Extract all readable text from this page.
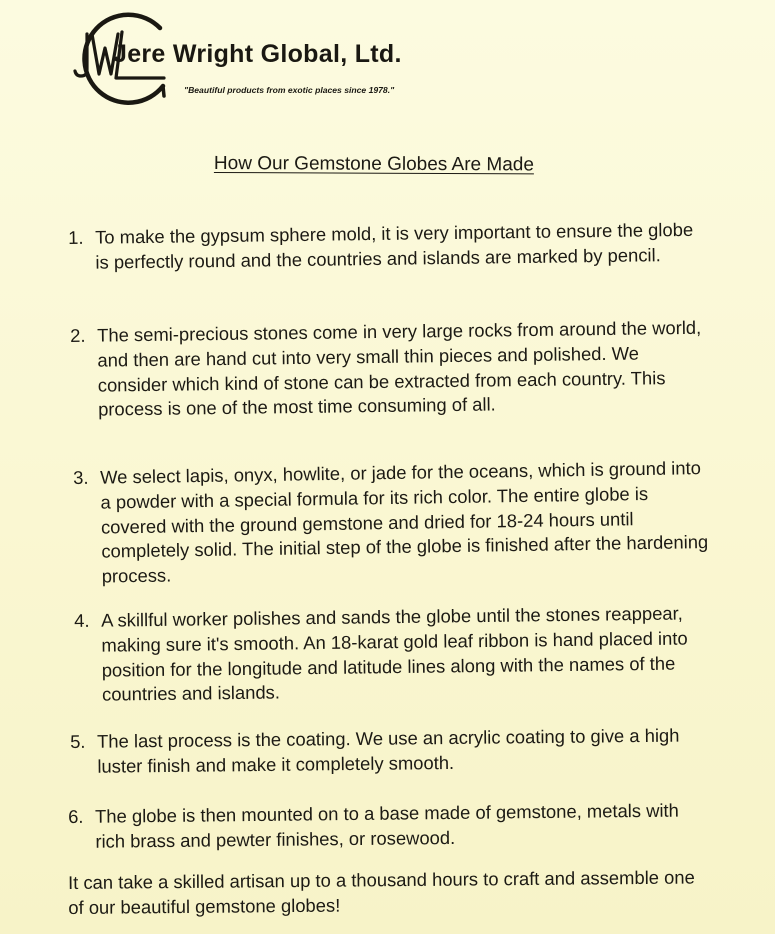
Jere Wright Global, Ltd.
"Beautiful products from exotic places since 1978."
How Our Gemstone Globes Are Made
1. To make the gypsum sphere mold, it is very important to ensure the globe is perfectly round and the countries and islands are marked by pencil.
2. The semi-precious stones come in very large rocks from around the world, and then are hand cut into very small thin pieces and polished. We consider which kind of stone can be extracted from each country. This process is one of the most time consuming of all.
3. We select lapis, onyx, howlite, or jade for the oceans, which is ground into a powder with a special formula for its rich color. The entire globe is covered with the ground gemstone and dried for 18-24 hours until completely solid. The initial step of the globe is finished after the hardening process.
4. A skillful worker polishes and sands the globe until the stones reappear, making sure it's smooth. An 18-karat gold leaf ribbon is hand placed into position for the longitude and latitude lines along with the names of the countries and islands.
5. The last process is the coating. We use an acrylic coating to give a high luster finish and make it completely smooth.
6. The globe is then mounted on to a base made of gemstone, metals with rich brass and pewter finishes, or rosewood.
It can take a skilled artisan up to a thousand hours to craft and assemble one of our beautiful gemstone globes!
